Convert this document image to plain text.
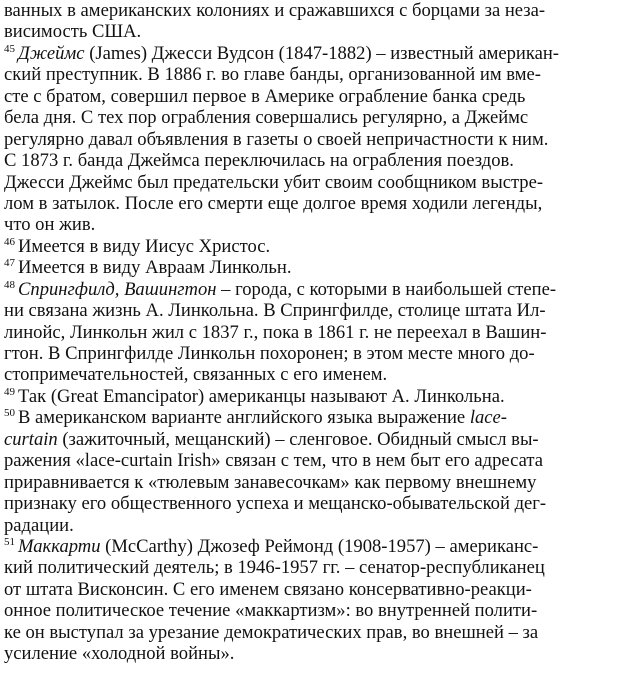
ванных в американских колониях и сражавшихся с борцами за неза-
висимость США.
$^{45}$ Джеймс (James) Джесси Вудсон (1847-1882) – известный американ-
ский преступник. В 1886 г. во главе банды, организованной им вме-
сте с братом, совершил первое в Америке ограбление банка средь
бела дня. С тех пор ограбления совершались регулярно, а Джеймс
регулярно давал объявления в газеты о своей непричастности к ним.
С 1873 г. банда Джеймса переключилась на ограбления поездов.
Джесси Джеймс был предательски убит своим сообщником выстре-
лом в затылок. После его смерти еще долгое время ходили легенды,
что он жив.
$^{46}$ Имеется в виду Иисус Христос.
$^{47}$ Имеется в виду Авраам Линкольн.
$^{48}$ Спрингфилд, Вашингтон – города, с которыми в наибольшей степе-
ни связана жизнь А. Линкольна. В Спрингфилде, столице штата Ил-
линойс, Линкольн жил с 1837 г., пока в 1861 г. не переехал в Вашин-
гтон. В Спрингфилде Линкольн похоронен; в этом месте много до-
стопримечательностей, связанных с его именем.
$^{49}$ Так (Great Emancipator) американцы называют А. Линкольна.
$^{50}$ В американском варианте английского языка выражение lace-
curtain (зажиточный, мещанский) – сленговое. Обидный смысл вы-
ражения «lace-curtain Irish» связан с тем, что в нем быт его адресата
приравнивается к «тюлевым занавесочкам» как первому внешнему
признаку его общественного успеха и мещанско-обывательской дег-
радации.
$^{51}$ Маккарти (McCarthy) Джозеф Реймонд (1908-1957) – американс-
кий политический деятель; в 1946-1957 гг. – сенатор-республиканец
от штата Висконсин. С его именем связано консервативно-реакци-
онное политическое течение «маккартизм»: во внутренней полити-
ке он выступал за урезание демократических прав, во внешней – за
усиление «холодной войны».
